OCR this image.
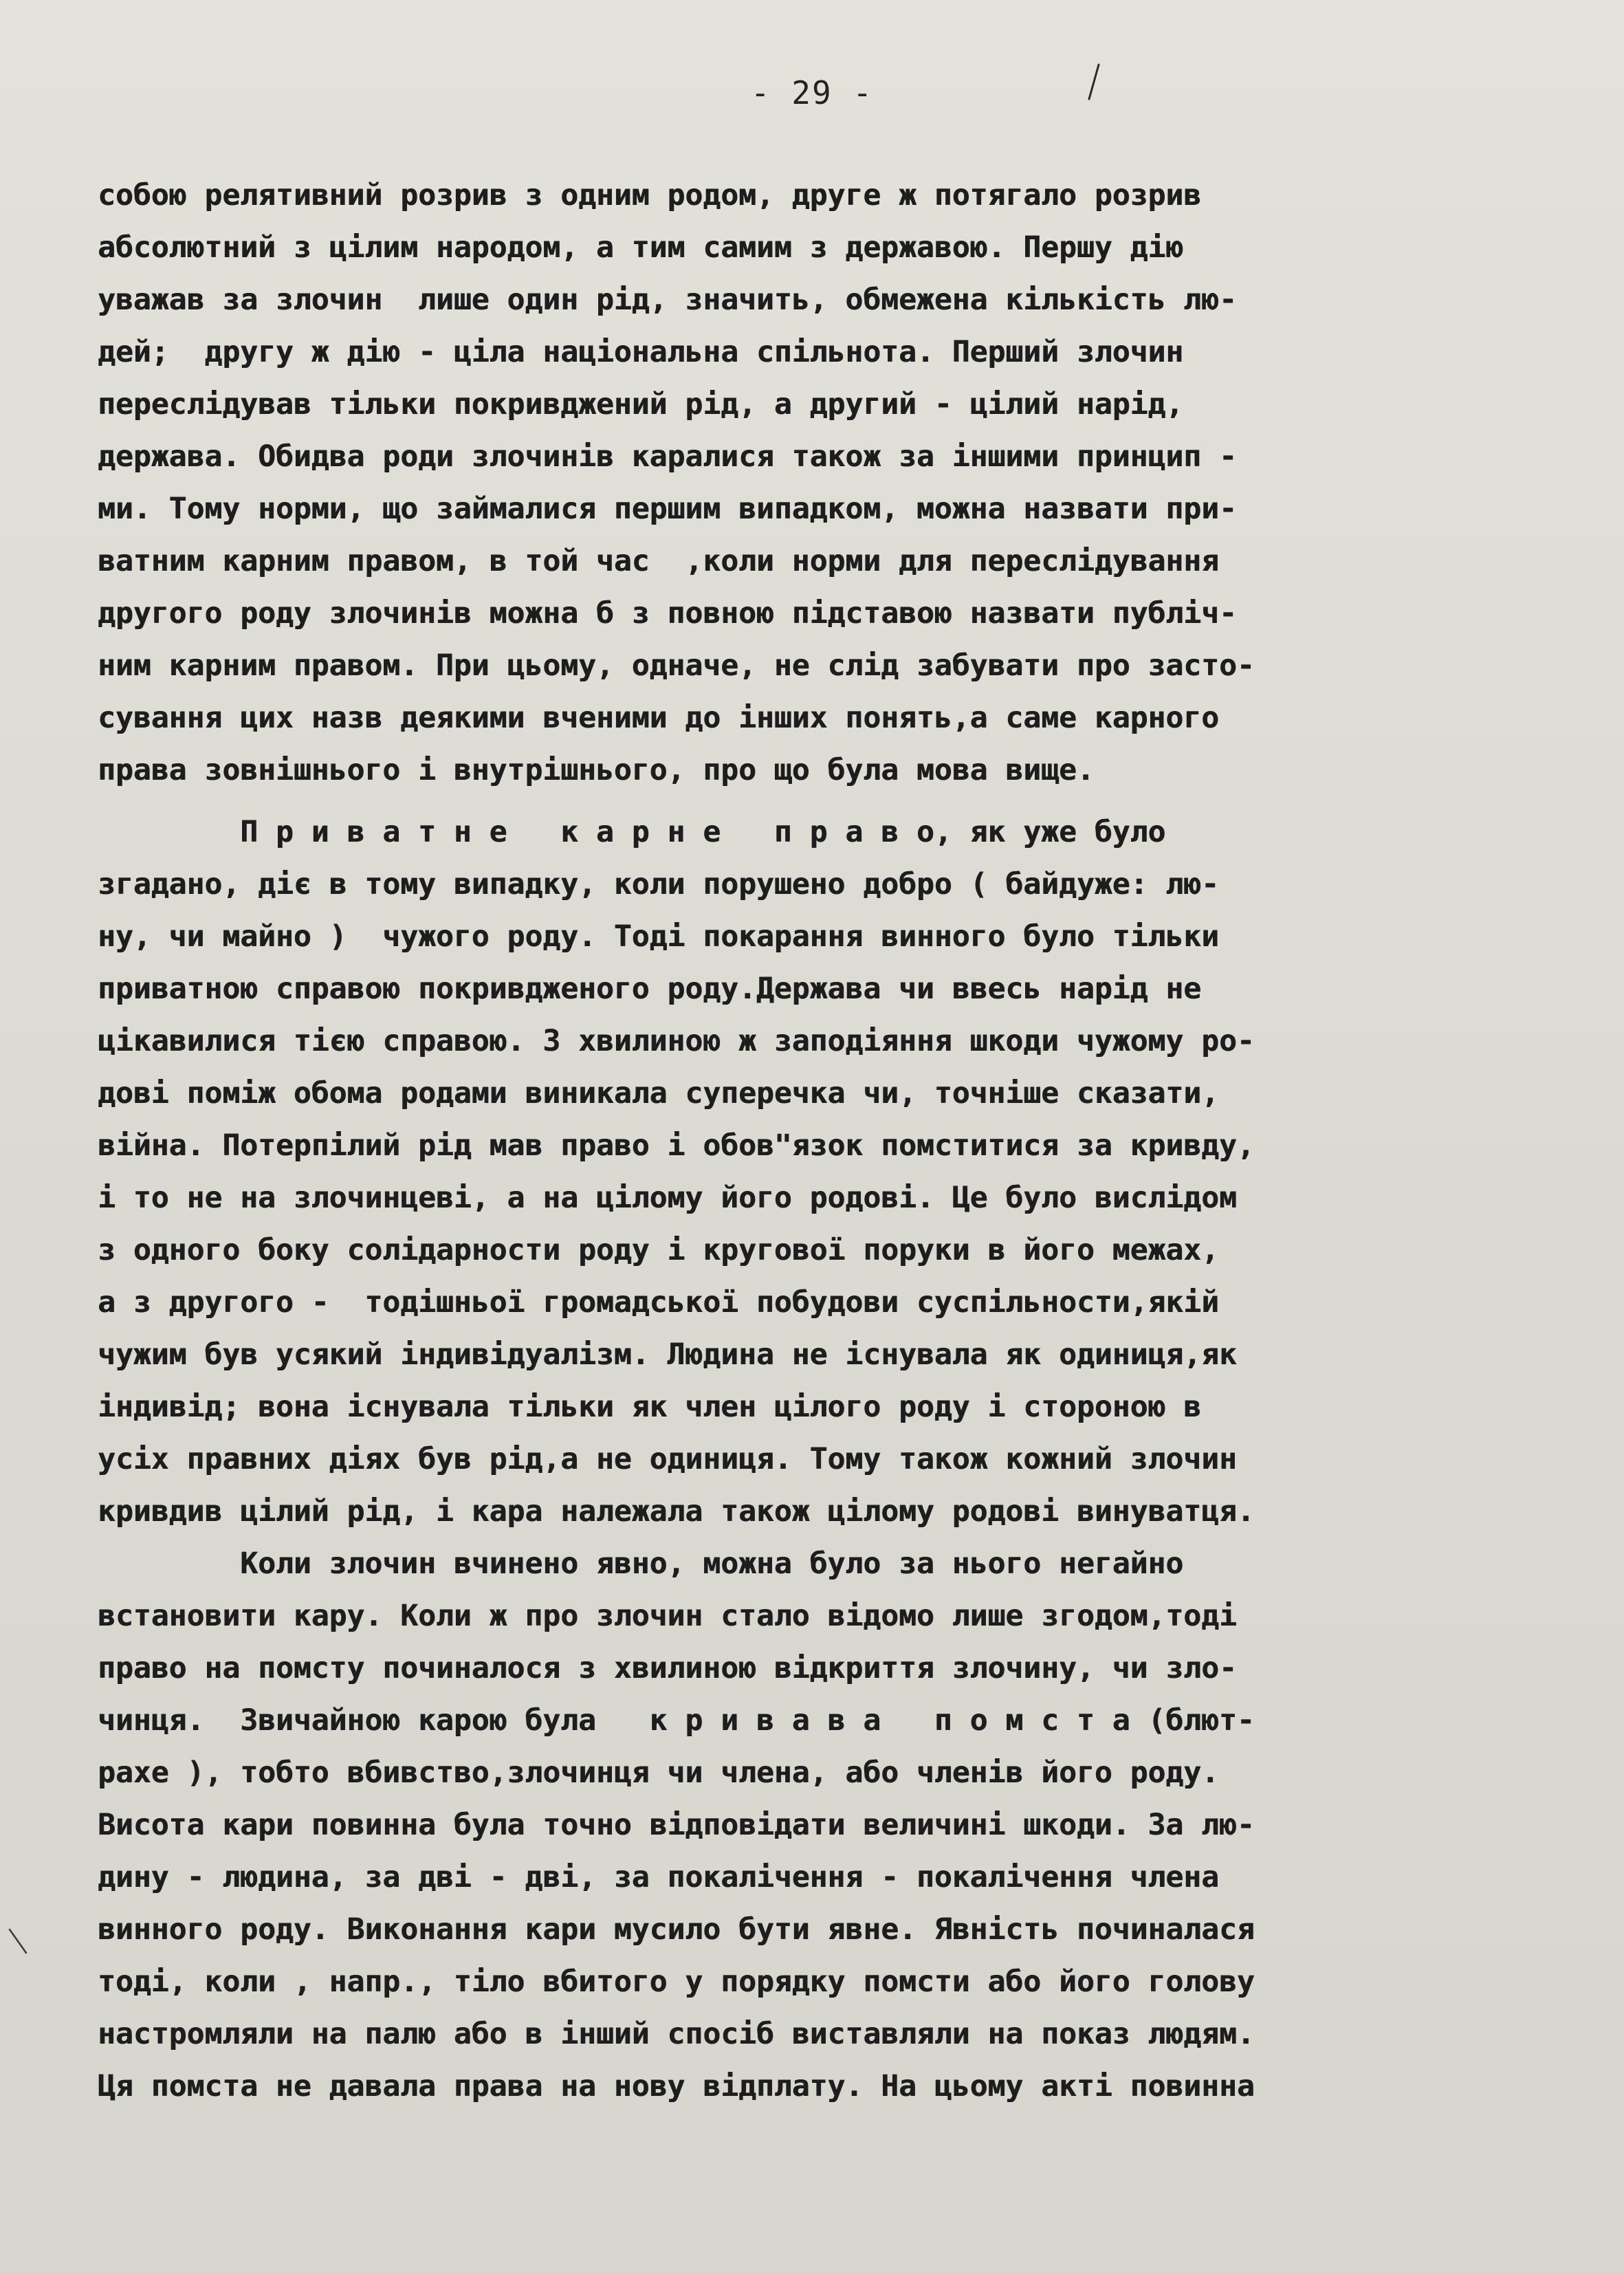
- 29 -
собою релятивний розрив з одним родом, друге ж потягало розрив
абсолютний з цілим народом, а тим самим з державою. Першу дію
уважав за злочин  лише один рід, значить, обмежена кількість лю-
дей;  другу ж дію - ціла національна спільнота. Перший злочин
переслідував тільки покривджений рід, а другий - цілий нарід,
держава. Обидва роди злочинів каралися також за іншими принцип -
ми. Тому норми, що займалися першим випадком, можна назвати при-
ватним карним правом, в той час  ,коли норми для переслідування
другого роду злочинів можна б з повною підставою назвати публіч-
ним карним правом. При цьому, одначе, не слід забувати про засто-
сування цих назв деякими вченими до інших понять,а саме карного
права зовнішнього і внутрішнього, про що була мова вище.
П р и в а т н е   к а р н е   п р а в о, як уже було
згадано, діє в тому випадку, коли порушено добро ( байдуже: лю-
ну, чи майно )  чужого роду. Тоді покарання винного було тільки
приватною справою покривдженого роду.Держава чи ввесь нарід не
цікавилися тією справою. З хвилиною ж заподіяння шкоди чужому ро-
дові поміж обома родами виникала суперечка чи, точніше сказати,
війна. Потерпілий рід мав право і обов"язок помститися за кривду,
і то не на злочинцеві, а на цілому його родові. Це було вислідом
з одного боку солідарности роду і кругової поруки в його межах,
а з другого -  тодішньої громадської побудови суспільности,якій
чужим був усякий індивідуалізм. Людина не існувала як одиниця,як
індивід; вона існувала тільки як член цілого роду і стороною в
усіх правних діях був рід,а не одиниця. Тому також кожний злочин
кривдив цілий рід, і кара належала також цілому родові винуватця.
Коли злочин вчинено явно, можна було за нього негайно
встановити кару. Коли ж про злочин стало відомо лише згодом,тоді
право на помсту починалося з хвилиною відкриття злочину, чи зло-
чинця.  Звичайною карою була   к р и в а в а   п о м с т а (блют-
рахе ), тобто вбивство,злочинця чи члена, або членів його роду.
Висота кари повинна була точно відповідати величині шкоди. За лю-
дину - людина, за дві - дві, за покалічення - покалічення члена
винного роду. Виконання кари мусило бути явне. Явність починалася
тоді, коли , напр., тіло вбитого у порядку помсти або його голову
настромляли на палю або в інший спосіб виставляли на показ людям.
Ця помста не давала права на нову відплату. На цьому акті повинна
